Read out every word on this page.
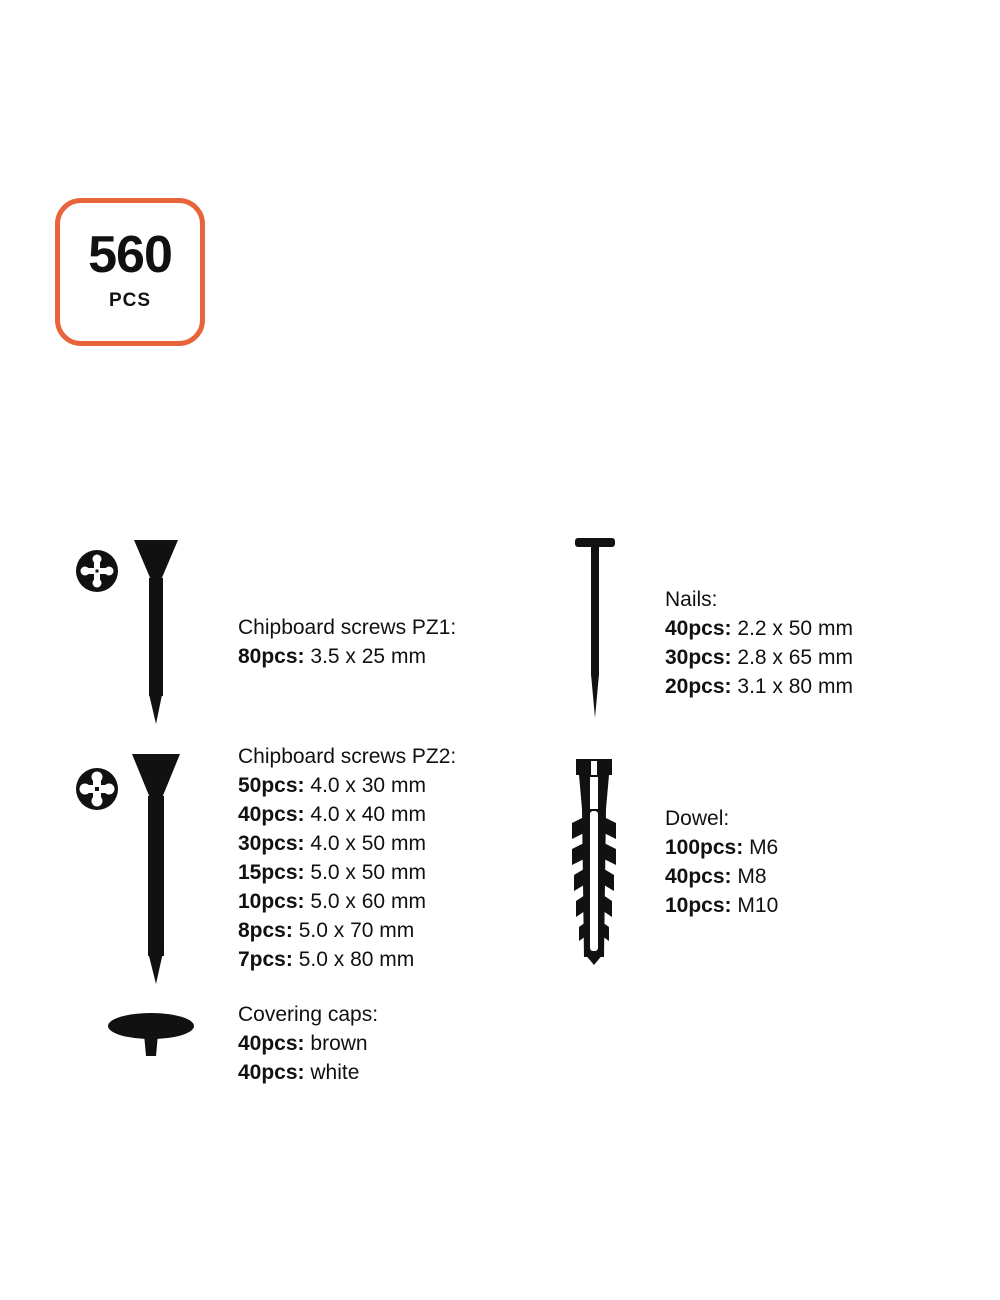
560
PCS
Chipboard screws PZ1:
80pcs: 3.5 x 25 mm
Chipboard screws PZ2:
50pcs: 4.0 x 30 mm
40pcs: 4.0 x 40 mm
30pcs: 4.0 x 50 mm
15pcs: 5.0 x 50 mm
10pcs: 5.0 x 60 mm
8pcs: 5.0 x 70 mm
7pcs: 5.0 x 80 mm
Covering caps:
40pcs: brown
40pcs: white
Nails:
40pcs: 2.2 x 50 mm
30pcs: 2.8 x 65 mm
20pcs: 3.1 x 80 mm
Dowel:
100pcs: M6
40pcs: M8
10pcs: M10
